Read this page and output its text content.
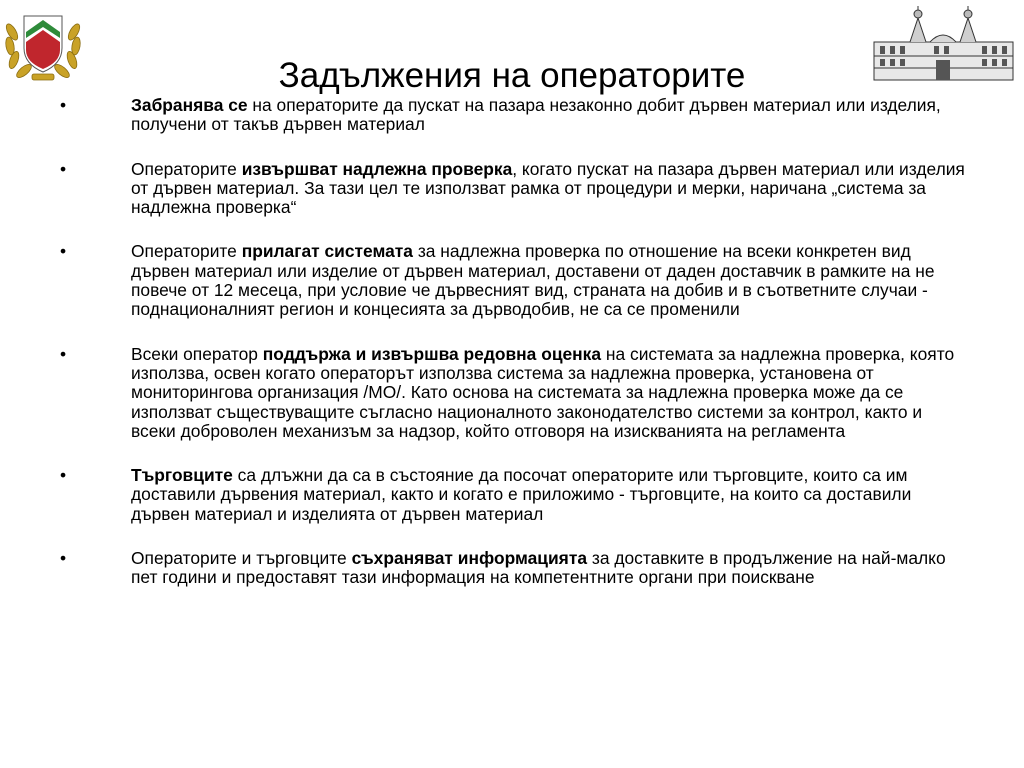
Задължения на операторите
•	Забранява се на операторите да пускат на пазара незаконно добит дървен материал или изделия, получени от такъв дървен материал
•	Операторите извършват надлежна проверка, когато пускат на пазара дървен материал или изделия от дървен материал. За тази цел те използват рамка от процедури и мерки, наричана „система за надлежна проверка“
•	Операторите прилагат системата за надлежна проверка по отношение на всеки конкретен вид дървен материал или изделие от дървен материал, доставени от даден доставчик в рамките на не повече от 12 месеца, при условие че дървесният вид, страната на добив и в съответните случаи - поднационалният регион и концесията за дърводобив, не са се променили
•	Всеки оператор поддържа и извършва редовна оценка на системата за надлежна проверка, която използва, освен когато операторът използва система за надлежна проверка, установена от мониторингова организация /МО/. Като основа на системата за надлежна проверка може да се използват съществуващите съгласно националното законодателство системи за контрол, както и всеки доброволен механизъм за надзор, който отговоря на изискванията на регламента
•	Търговците са длъжни да са в състояние да посочат операторите или търговците, които са им доставили дървения материал, както и когато е приложимо - търговците, на които са доставили дървен материал и изделията от дървен материал
•	Операторите и търговците съхраняват информацията за доставките в продължение на най-малко пет години и предоставят тази информация на компетентните органи при поискване
